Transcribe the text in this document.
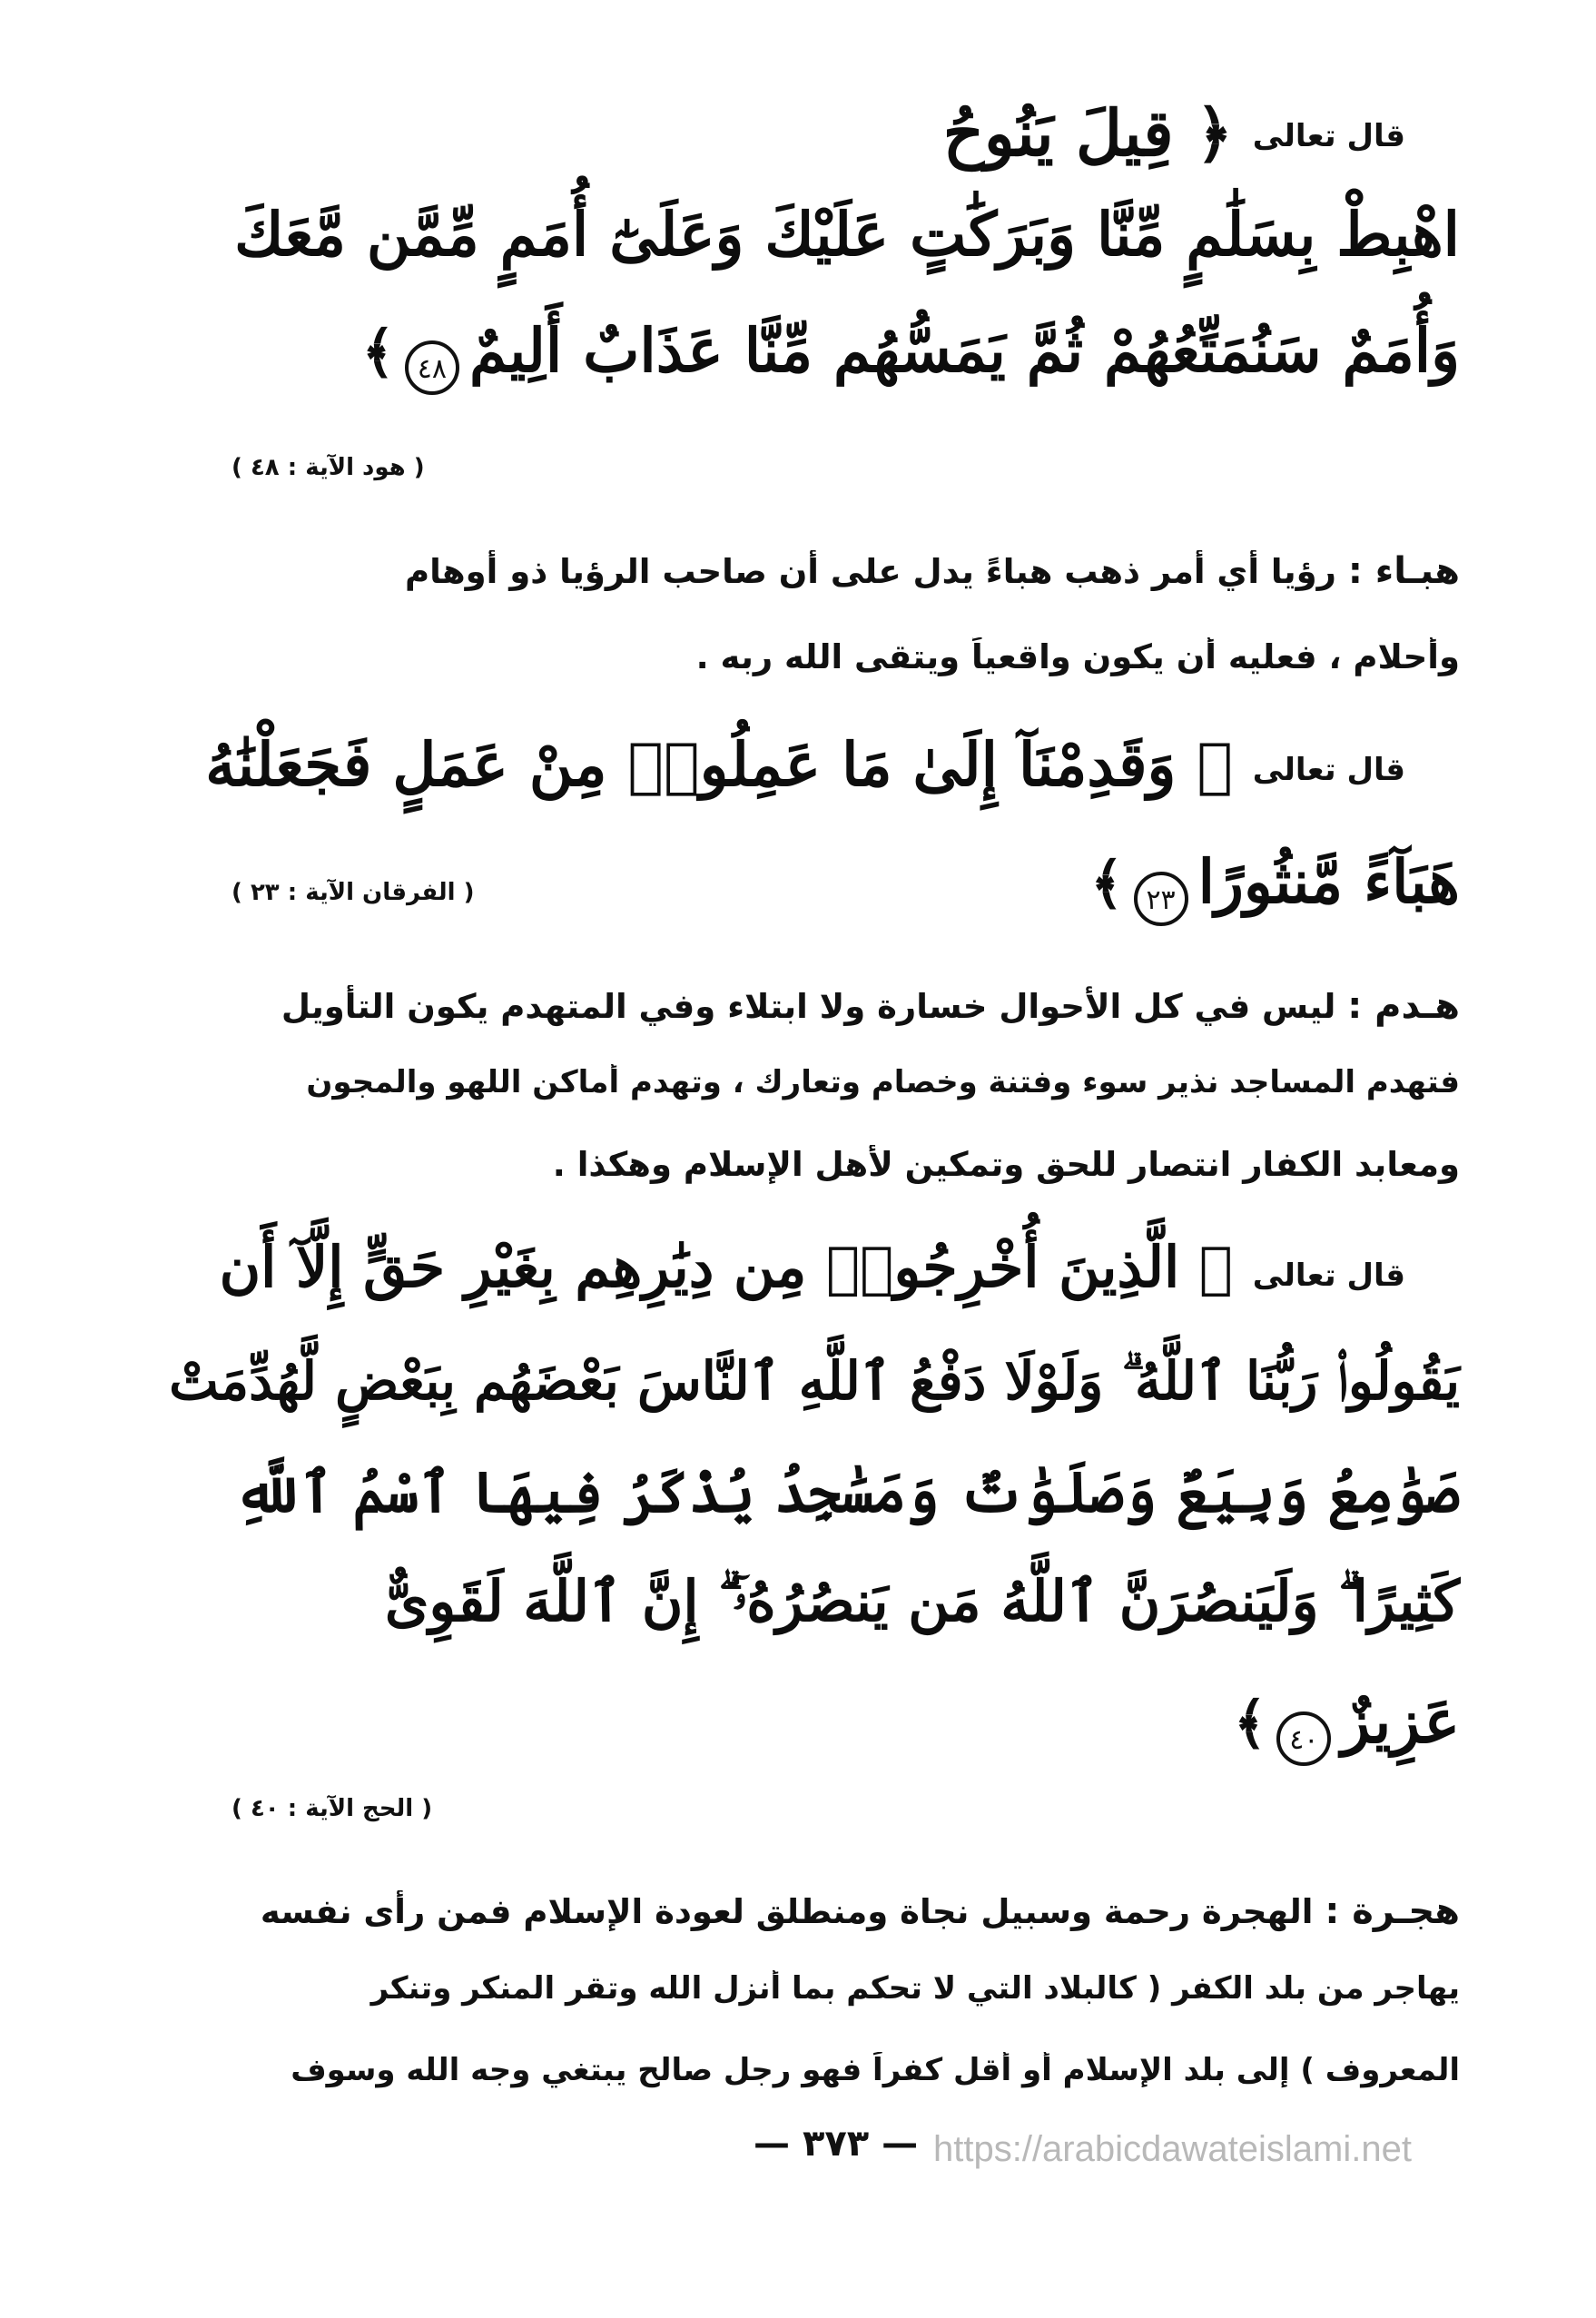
قال تعالى
﴿ قِيلَ يَنُوحُ
اهْبِطْ بِسَلَٰمٍ مِّنَّا وَبَرَكَٰتٍ عَلَيْكَ وَعَلَىٰٓ أُمَمٍ مِّمَّن مَّعَكَ
وَأُمَمٌ سَنُمَتِّعُهُمْ ثُمَّ يَمَسُّهُم مِّنَّا عَذَابٌ أَلِيمٌ ٤٨ ﴾
( هود الآية : ٤٨ )
هبـاء : رؤيا أي أمر ذهب هباءً يدل على أن صاحب الرؤيا ذو أوهام
وأحلام ، فعليه أن يكون واقعياً ويتقى الله ربه .
قال تعالى
﴿ وَقَدِمْنَآ إِلَىٰ مَا عَمِلُوا۟ مِنْ عَمَلٍ فَجَعَلْنَٰهُ
هَبَآءً مَّنثُورًا ٢٣ ﴾
( الفرقان الآية : ٢٣ )
هـدم : ليس في كل الأحوال خسارة ولا ابتلاء وفي المتهدم يكون التأويل
فتهدم المساجد نذير سوء وفتنة وخصام وتعارك ، وتهدم أماكن اللهو والمجون
ومعابد الكفار انتصار للحق وتمكين لأهل الإسلام وهكذا .
قال تعالى
﴿ الَّذِينَ أُخْرِجُوا۟ مِن دِيَٰرِهِم بِغَيْرِ حَقٍّ إِلَّآ أَن
يَقُولُوا۟ رَبُّنَا ٱللَّهُ ۗ وَلَوْلَا دَفْعُ ٱللَّهِ ٱلنَّاسَ بَعْضَهُم بِبَعْضٍ لَّهُدِّمَتْ
صَوَٰمِعُ وَبِيَعٌ وَصَلَوَٰتٌ وَمَسَٰجِدُ يُذْكَرُ فِيهَا ٱسْمُ ٱللَّهِ
كَثِيرًا ۗ وَلَيَنصُرَنَّ ٱللَّهُ مَن يَنصُرُهُۥٓ ۗ إِنَّ ٱللَّهَ لَقَوِىٌّ
عَزِيزٌ ٤٠ ﴾
( الحج الآية : ٤٠ )
هجـرة : الهجرة رحمة وسبيل نجاة ومنطلق لعودة الإسلام فمن رأى نفسه
يهاجر من بلد الكفر ( كالبلاد التي لا تحكم بما أنزل الله وتقر المنكر وتنكر
المعروف ) إلى بلد الإسلام أو أقل كفراً فهو رجل صالح يبتغي وجه الله وسوف
— ٣٧٣ — https://arabicdawateislami.net
